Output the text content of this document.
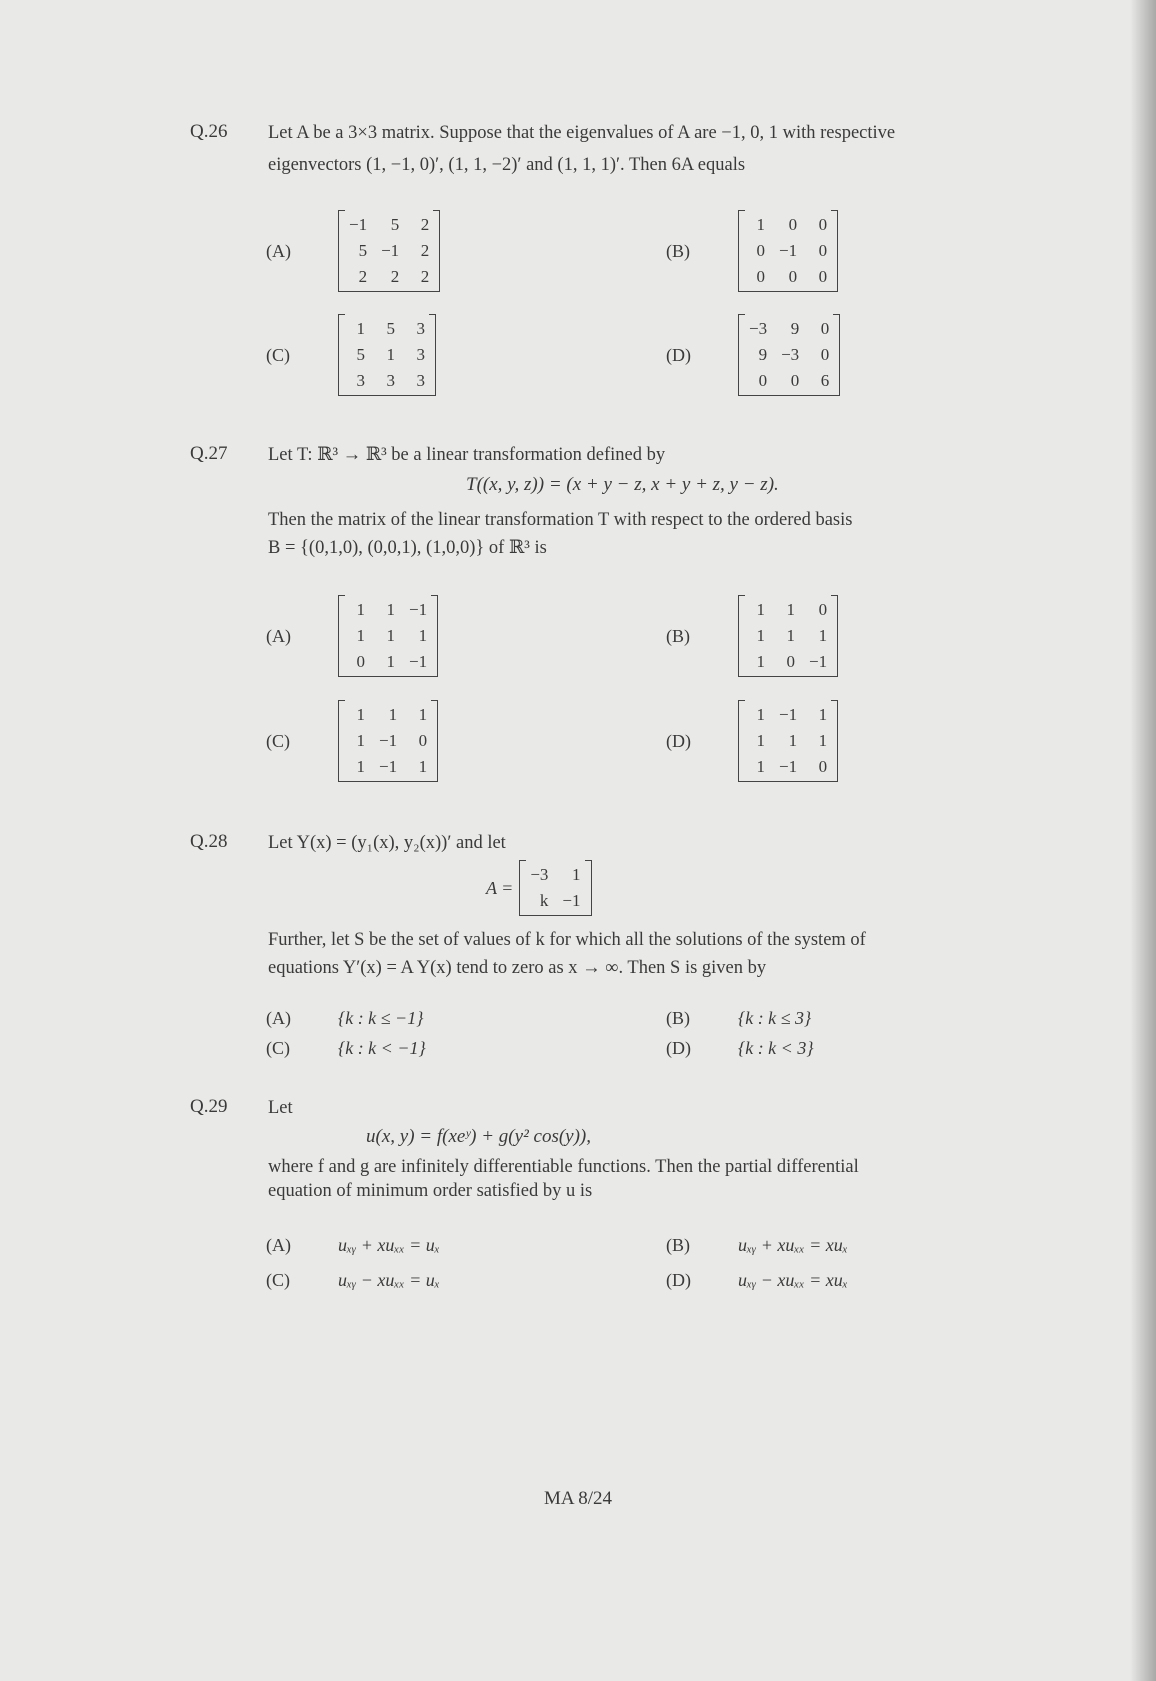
Q.26 Let A be a 3×3 matrix. Suppose that the eigenvalues of A are −1, 0, 1 with respective
eigenvectors (1, −1, 0)′, (1, 1, −2)′ and (1, 1, 1)′. Then 6A equals
(A)
−1	5	2
5 −1	2
2	2	2
(B)
1	0	0
0 −1	0
0	0	0
(C)
1	5	3
5	1	3
3	3	3
(D)
−3	9	0
9 −3	0
0	0	6
Q.27 Let T: ℝ³ → ℝ³ be a linear transformation defined by
T((x, y, z)) = (x + y − z, x + y + z, y − z).
Then the matrix of the linear transformation T with respect to the ordered basis
B = {(0,1,0), (0,0,1), (1,0,0)} of ℝ³ is
(A)
1	1 −1
1	1	1
0	1 −1
(B)
1	1	0
1	1	1
1	0 −1
(C)
1	1	1
1 −1	0
1 −1	1
(D)
1 −1	1
1	1	1
1 −1	0
Q.28 Let Y(x) = (y₁(x), y₂(x))′ and let
A =
−3	1
k −1
Further, let S be the set of values of k for which all the solutions of the system of
equations Y′(x) = A Y(x) tend to zero as x → ∞. Then S is given by
(A)	{k : k ≤ −1}	(B)	{k : k ≤ 3}
(C)	{k : k < −1}	(D)	{k : k < 3}
Q.29 Let
u(x, y) = f(xeʸ) + g(y² cos(y)),
where f and g are infinitely differentiable functions. Then the partial differential
equation of minimum order satisfied by u is
(A)	uₓᵧ + xuₓₓ = uₓ	(B)	uₓᵧ + xuₓₓ = xuₓ
(C)	uₓᵧ − xuₓₓ = uₓ	(D)	uₓᵧ − xuₓₓ = xuₓ
MA 8/24
